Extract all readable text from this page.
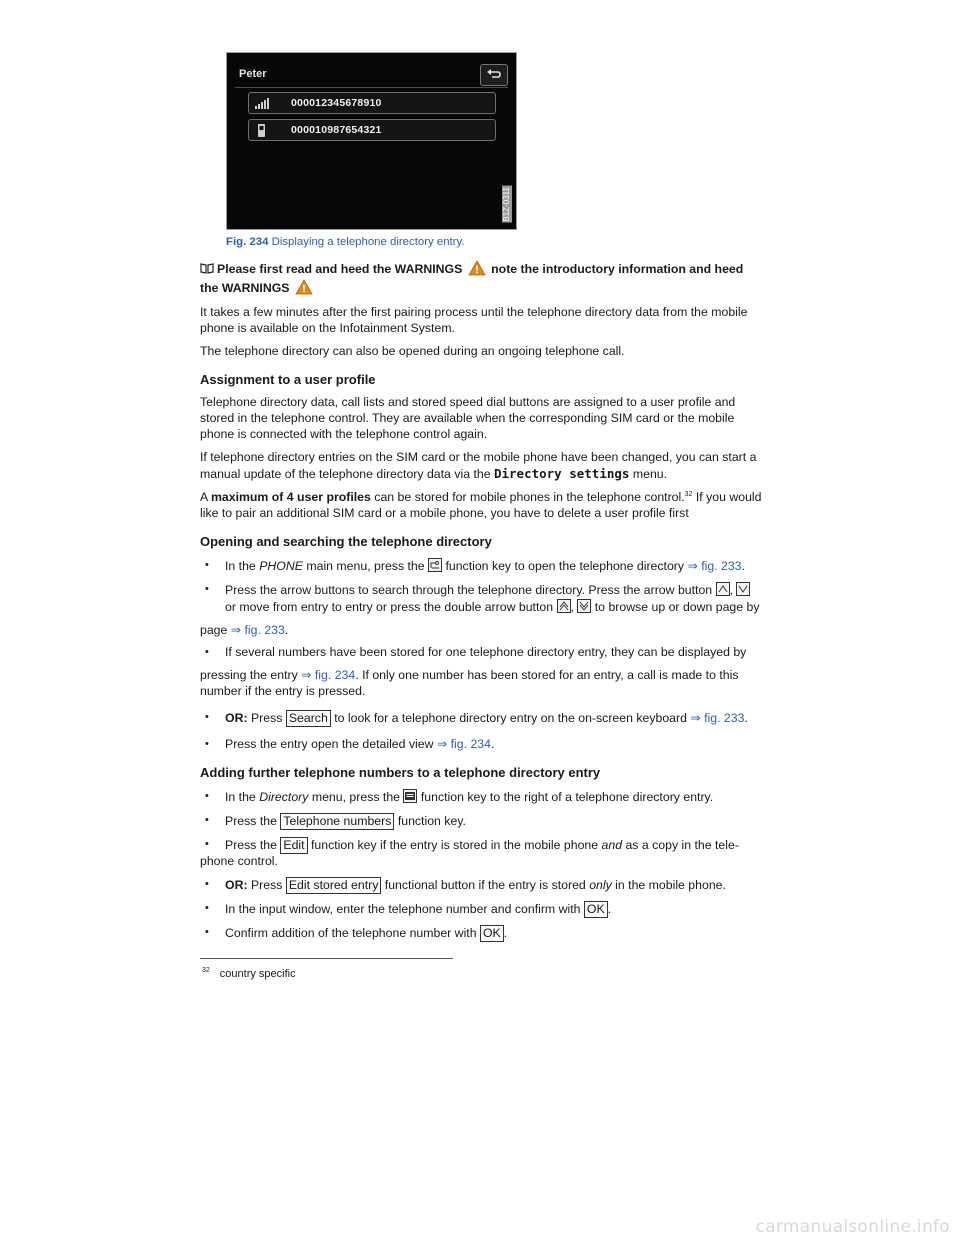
Peter
000012345678910
000010987654321
B1Z-0311

Fig. 234 Displaying a telephone directory entry.

Please first read and heed the WARNINGS note the introductory information and heed
the WARNINGS

It takes a few minutes after the first pairing process until the telephone directory data from the mobile phone is available on the Infotainment System.

The telephone directory can also be opened during an ongoing telephone call.

Assignment to a user profile

Telephone directory data, call lists and stored speed dial buttons are assigned to a user profile and stored in the telephone control. They are available when the corresponding SIM card or the mobile phone is connected with the telephone control again.

If telephone directory entries on the SIM card or the mobile phone have been changed, you can start a manual update of the telephone directory data via the Directory settings menu.

A maximum of 4 user profiles can be stored for mobile phones in the telephone control.$^{32}$ If you would like to pair an additional SIM card or a mobile phone, you have to delete a user profile first

Opening and searching the telephone directory

• In the PHONE main menu, press the function key to open the telephone directory ⇒ fig. 233.
• Press the arrow buttons to search through the telephone directory. Press the arrow button ,

or move from entry to entry or press the double arrow button ,
to browse up or down page by
page ⇒ fig. 233.
• If several numbers have been stored for one telephone directory entry, they can be displayed by
pressing the entry ⇒ fig. 234. If only one number has been stored for an entry, a call is made to this number if the entry is pressed.
• OR: Press Search to look for a telephone directory entry on the on-screen keyboard ⇒ fig. 233.
• Press the entry open the detailed view ⇒ fig. 234.

Adding further telephone numbers to a telephone directory entry

• In the Directory menu, press the function key to the right of a telephone directory entry.
• Press the Telephone numbers function key.
• Press the Edit function key if the entry is stored in the mobile phone and as a copy in the tele-
phone control.
• OR: Press Edit stored entry functional button if the entry is stored only in the mobile phone.
• In the input window, enter the telephone number and confirm with OK .
• Confirm addition of the telephone number with OK .

$^{32}$ country specific

carmanualsonline.info
